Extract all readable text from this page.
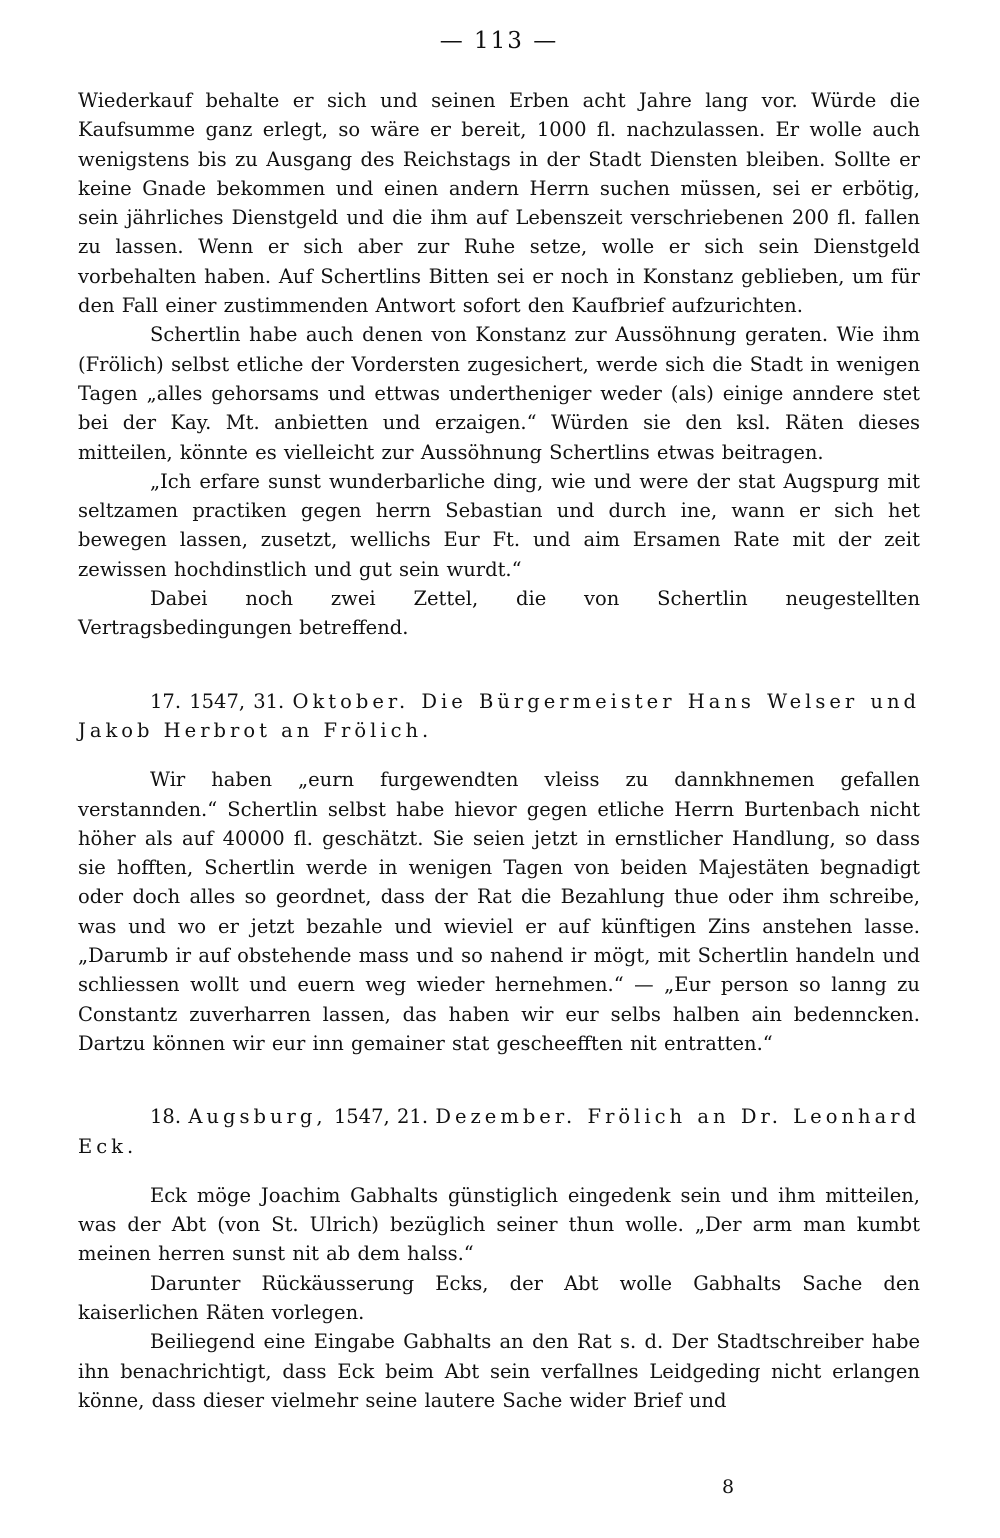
— 113 —

Wiederkauf behalte er sich und seinen Erben acht Jahre lang vor. Würde die Kaufsumme ganz erlegt, so wäre er bereit, 1000 fl. nachzulassen. Er wolle auch wenigstens bis zu Ausgang des Reichstags in der Stadt Diensten bleiben. Sollte er keine Gnade bekommen und einen andern Herrn suchen müssen, sei er erbötig, sein jährliches Dienstgeld und die ihm auf Lebenszeit verschriebenen 200 fl. fallen zu lassen. Wenn er sich aber zur Ruhe setze, wolle er sich sein Dienstgeld vorbehalten haben. Auf Schertlins Bitten sei er noch in Konstanz geblieben, um für den Fall einer zustimmenden Antwort sofort den Kaufbrief aufzurichten.

Schertlin habe auch denen von Konstanz zur Aussöhnung geraten. Wie ihm (Frölich) selbst etliche der Vordersten zugesichert, werde sich die Stadt in wenigen Tagen „alles gehorsams und ettwas undertheniger weder (als) einige anndere stet bei der Kay. Mt. anbietten und erzaigen.“ Würden sie den ksl. Räten dieses mitteilen, könnte es vielleicht zur Aussöhnung Schertlins etwas beitragen.

„Ich erfare sunst wunderbarliche ding, wie und were der stat Augspurg mit seltzamen practiken gegen herrn Sebastian und durch ine, wann er sich het bewegen lassen, zusetzt, wellichs Eur Ft. und aim Ersamen Rate mit der zeit zewissen hochdinstlich und gut sein wurdt.“

Dabei noch zwei Zettel, die von Schertlin neugestellten Vertragsbedingungen betreffend.

17. 1547, 31. Oktober. Die Bürgermeister Hans Welser und Jakob Herbrot an Frölich.

Wir haben „eurn furgewendten vleiss zu dannkhnemen gefallen verstannden.“ Schertlin selbst habe hievor gegen etliche Herrn Burtenbach nicht höher als auf 40000 fl. geschätzt. Sie seien jetzt in ernstlicher Handlung, so dass sie hofften, Schertlin werde in wenigen Tagen von beiden Majestäten begnadigt oder doch alles so geordnet, dass der Rat die Bezahlung thue oder ihm schreibe, was und wo er jetzt bezahle und wieviel er auf künftigen Zins anstehen lasse. „Darumb ir auf obstehende mass und so nahend ir mögt, mit Schertlin handeln und schliessen wollt und euern weg wieder hernehmen.“ — „Eur person so lanng zu Constantz zuverharren lassen, das haben wir eur selbs halben ain bedenncken. Dartzu können wir eur inn gemainer stat gescheefften nit entratten.“

18. Augsburg, 1547, 21. Dezember. Frölich an Dr. Leonhard Eck.

Eck möge Joachim Gabhalts günstiglich eingedenk sein und ihm mitteilen, was der Abt (von St. Ulrich) bezüglich seiner thun wolle. „Der arm man kumbt meinen herren sunst nit ab dem halss.“

Darunter Rückäusserung Ecks, der Abt wolle Gabhalts Sache den kaiserlichen Räten vorlegen.

Beiliegend eine Eingabe Gabhalts an den Rat s. d. Der Stadtschreiber habe ihn benachrichtigt, dass Eck beim Abt sein verfallnes Leidgeding nicht erlangen könne, dass dieser vielmehr seine lautere Sache wider Brief und

8
